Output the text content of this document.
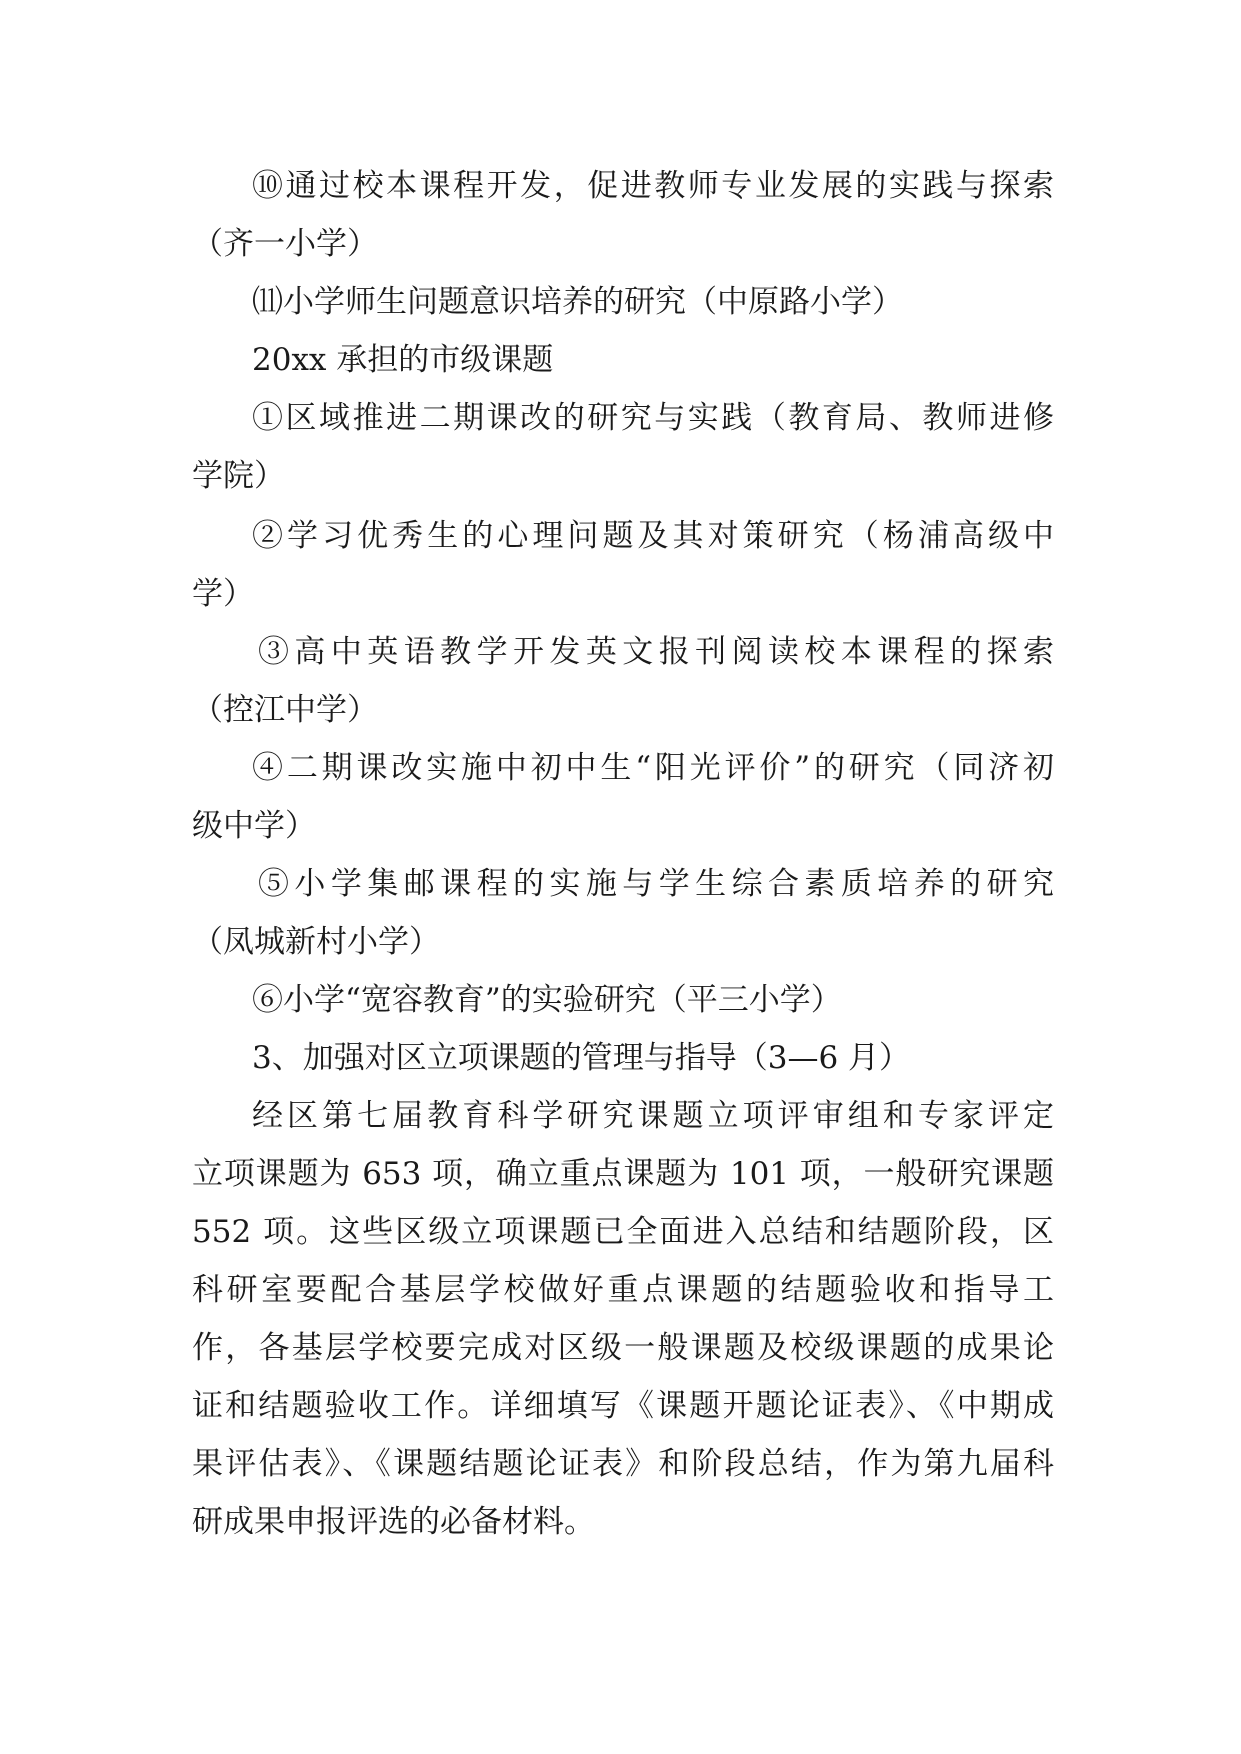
⑩通过校本课程开发，促进教师专业发展的实践与探索
（齐一小学）
⑾小学师生问题意识培养的研究（中原路小学）
20xx 承担的市级课题
①区域推进二期课改的研究与实践（教育局、教师进修
学院）
②学习优秀生的心理问题及其对策研究（杨浦高级中
学）
③高中英语教学开发英文报刊阅读校本课程的探索
（控江中学）
④二期课改实施中初中生“阳光评价”的研究（同济初
级中学）
⑤小学集邮课程的实施与学生综合素质培养的研究
（凤城新村小学）
⑥小学“宽容教育”的实验研究（平三小学）
3、加强对区立项课题的管理与指导（3—6 月）
经区第七届教育科学研究课题立项评审组和专家评定
立项课题为 653 项，确立重点课题为 101 项，一般研究课题
552 项。这些区级立项课题已全面进入总结和结题阶段，区
科研室要配合基层学校做好重点课题的结题验收和指导工
作，各基层学校要完成对区级一般课题及校级课题的成果论
证和结题验收工作。详细填写《课题开题论证表》、《中期成
果评估表》、《课题结题论证表》和阶段总结，作为第九届科
研成果申报评选的必备材料。
